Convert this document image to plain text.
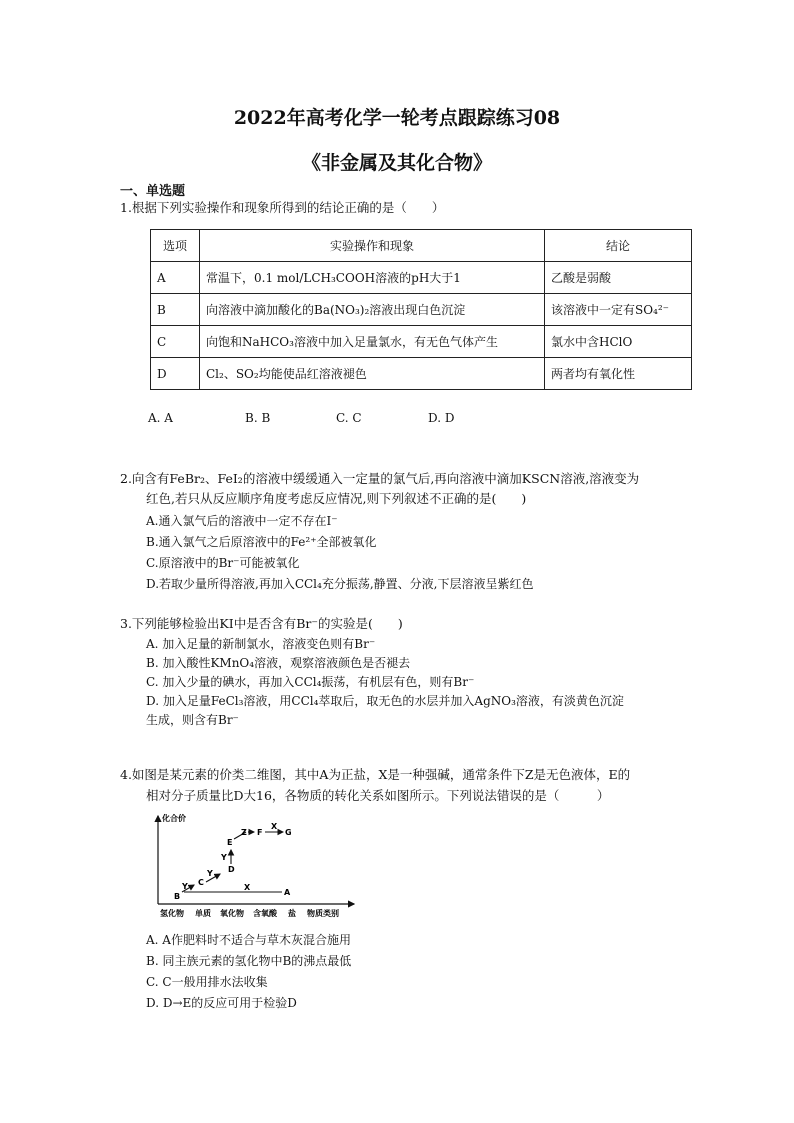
2022年高考化学一轮考点跟踪练习08
《非金属及其化合物》
一、单选题
1.根据下列实验操作和现象所得到的结论正确的是（　　）
选项	实验操作和现象	结论
A	常温下，0.1 mol/LCH₃COOH溶液的pH大于1	乙酸是弱酸
B	向溶液中滴加酸化的Ba(NO₃)₂溶液出现白色沉淀	该溶液中一定有SO₄²⁻
C	向饱和NaHCO₃溶液中加入足量氯水，有无色气体产生	氯水中含HClO
D	Cl₂、SO₂均能使品红溶液褪色	两者均有氧化性
A. A	B. B	C. C	D. D
2.向含有FeBr₂、FeI₂的溶液中缓缓通入一定量的氯气后,再向溶液中滴加KSCN溶液,溶液变为
红色,若只从反应顺序角度考虑反应情况,则下列叙述不正确的是(　　)
A.通入氯气后的溶液中一定不存在I⁻
B.通入氯气之后原溶液中的Fe²⁺全部被氧化
C.原溶液中的Br⁻可能被氧化
D.若取少量所得溶液,再加入CCl₄充分振荡,静置、分液,下层溶液呈紫红色
3.下列能够检验出KI中是否含有Br⁻的实验是(　　)
A. 加入足量的新制氯水，溶液变色则有Br⁻
B. 加入酸性KMnO₄溶液，观察溶液颜色是否褪去
C. 加入少量的碘水，再加入CCl₄振荡，有机层有色，则有Br⁻
D. 加入足量FeCl₃溶液，用CCl₄萃取后，取无色的水层并加入AgNO₃溶液，有淡黄色沉淀
生成，则含有Br⁻
4.如图是某元素的价类二维图，其中A为正盐，X是一种强碱，通常条件下Z是无色液体，E的
相对分子质量比D大16，各物质的转化关系如图所示。下列说法错误的是（　　　）
化合价
氢化物 单质 氧化物 含氧酸 盐 物质类别
B	A
X
Y C
Y D
Y
E
Z F
X
G
A. A作肥料时不适合与草木灰混合施用
B. 同主族元素的氢化物中B的沸点最低
C. C一般用排水法收集
D. D→E的反应可用于检验D
